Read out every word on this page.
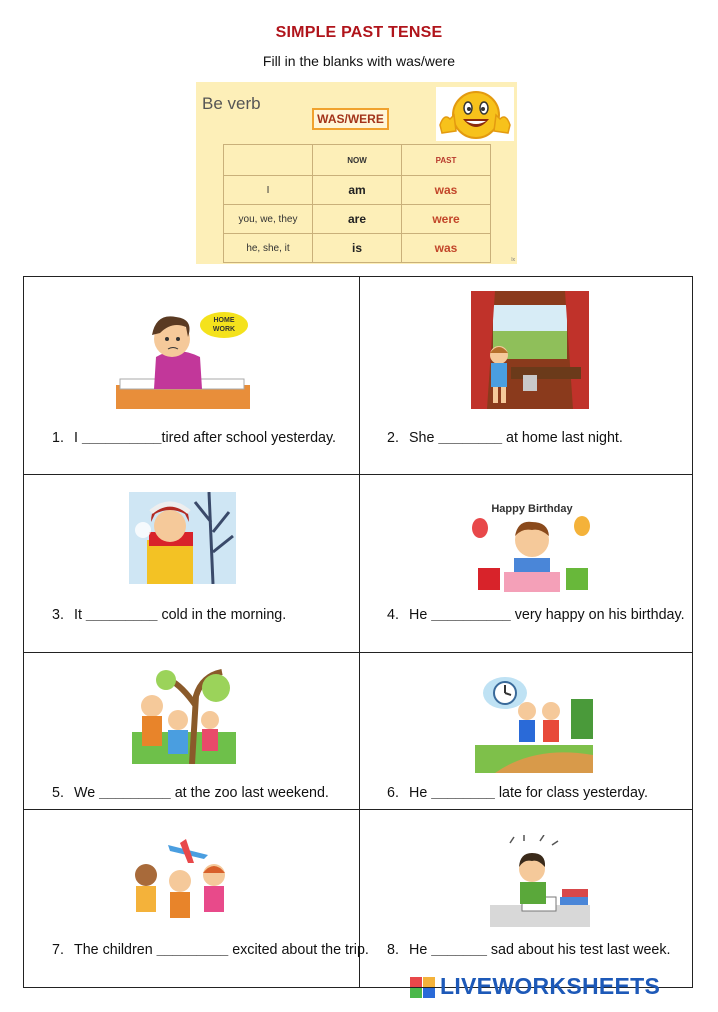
SIMPLE PAST TENSE
Fill in the blanks with was/were
Be verb
WAS/WERE
	NOW	PAST
I	am	was
you, we, they	are	were
he, she, it	is	was
lx
HOME
WORK
1. I __________tired after school yesterday.	2. She ________ at home last night.
3. It _________ cold in the morning.
Happy Birthday
4. He __________ very happy on his birthday.
5. We _________ at the zoo last weekend.	6. He ________ late for class yesterday.
7. The children _________ excited about the trip.	8. He _______ sad about his test last week.
LIVEWORKSHEETS
